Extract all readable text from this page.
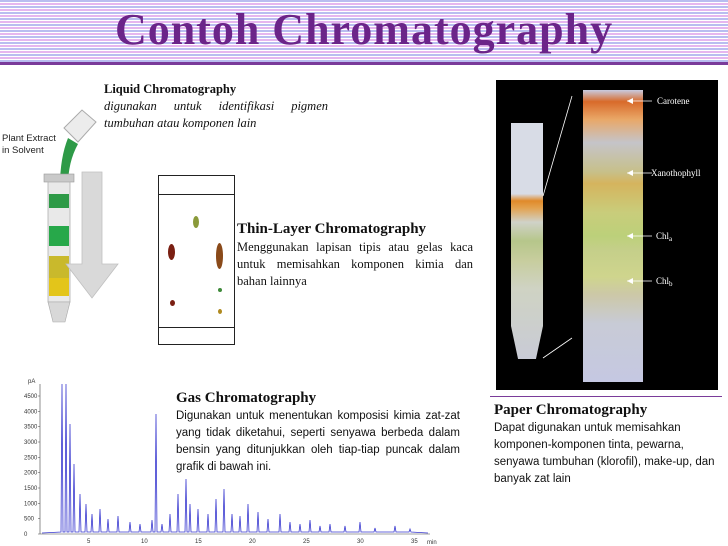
Contoh Chromatography
Liquid Chromatography
digunakan untuk identifikasi pigmen tumbuhan atau komponen lain
Plant Extract
in Solvent
Thin-Layer Chromatography
Menggunakan lapisan tipis atau gelas kaca untuk memisahkan komponen kimia dan bahan lainnya
Carotene
Xanothophyll
Chl$_a$
Chl$_b$
Paper Chromatography
Dapat digunakan untuk memisahkan komponen-komponen tinta, pewarna, senyawa tumbuhan (klorofil), make-up, dan banyak zat lain
Gas Chromatography
Digunakan untuk menentukan komposisi kimia zat-zat yang tidak diketahui, seperti senyawa berbeda dalam bensin yang ditunjukkan oleh tiap-tiap puncak dalam grafik di bawah ini.
4500
4000
3500
3000
2500
2000
1500
1000
500
0
5	10	15	20	25	30	35
pA
min
